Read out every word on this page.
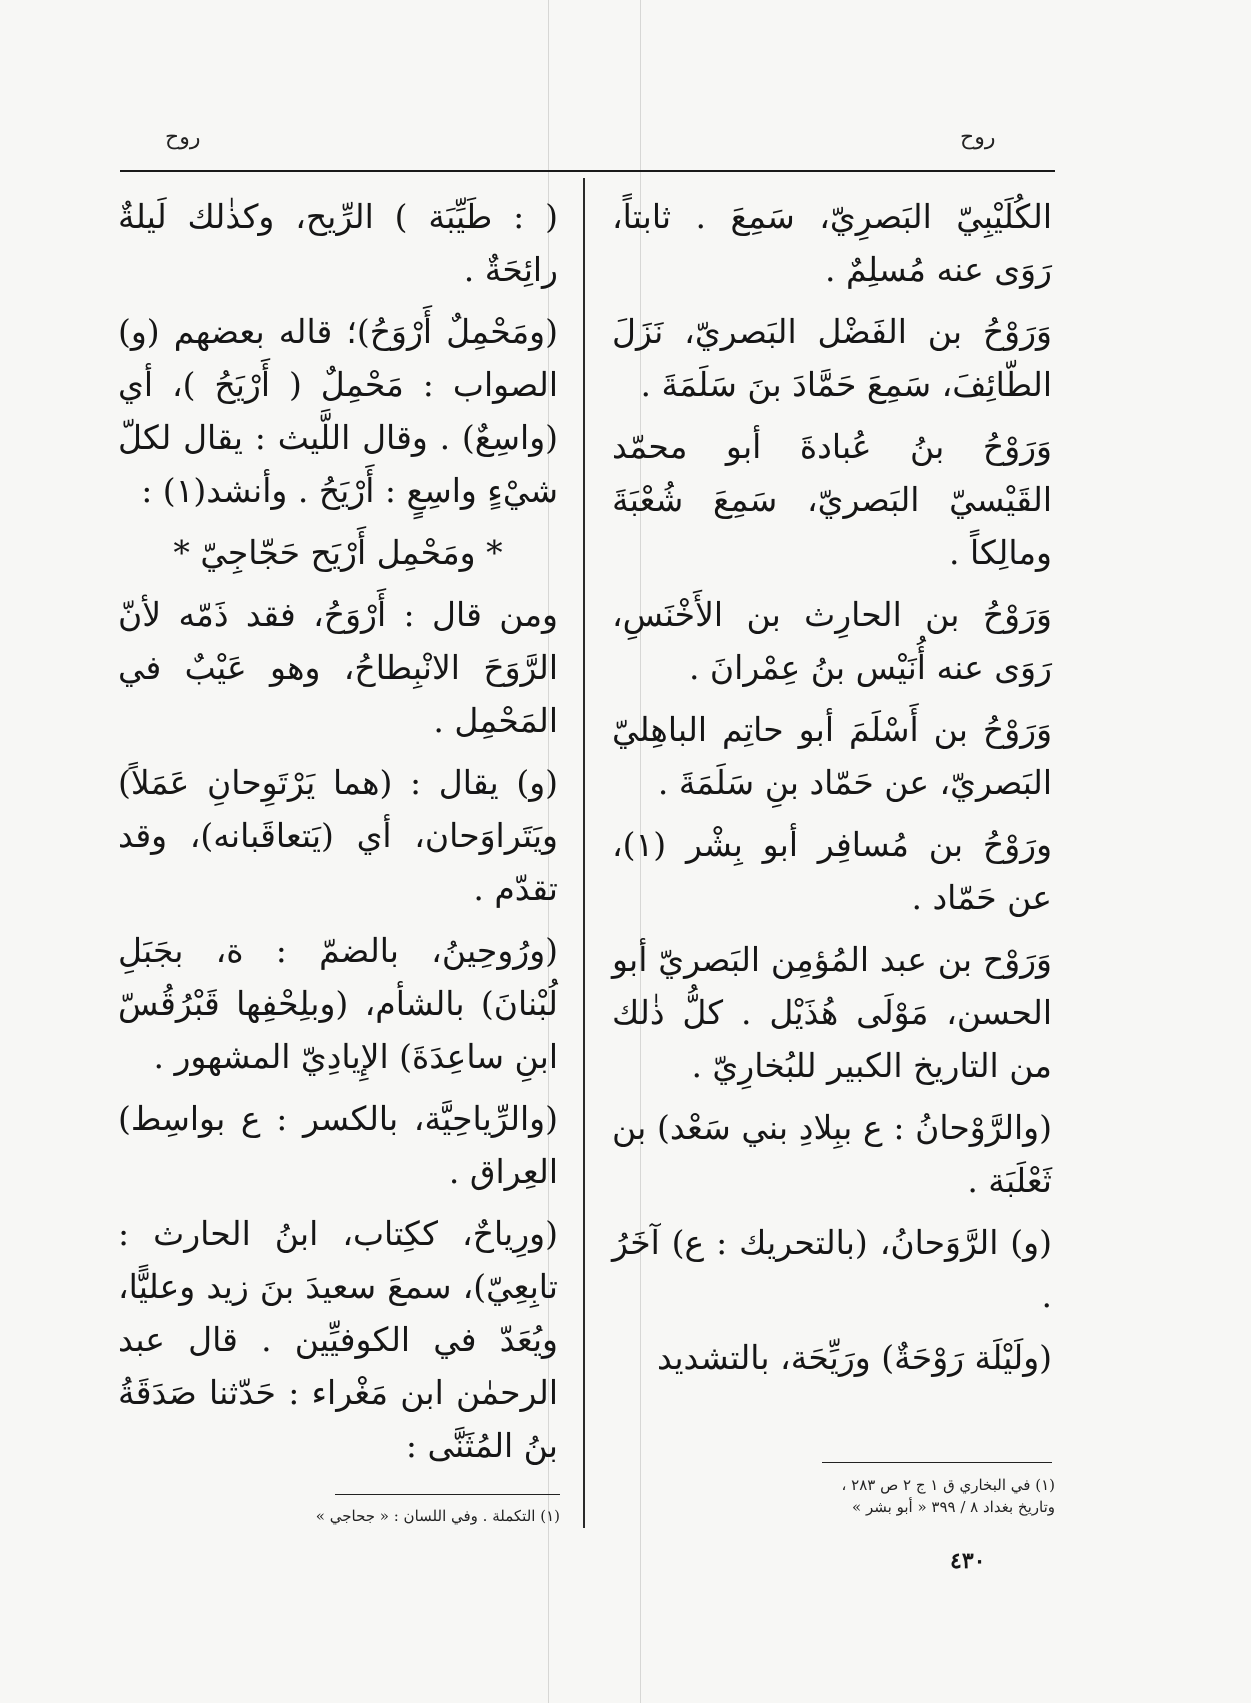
روح
روح

الكُلَيْبِيّ البَصرِيّ، سَمِعَ . ثابتاً، رَوَى عنه مُسلِمٌ .

وَرَوْحُ بن الفَضْل البَصريّ، نَزَلَ الطّائِفَ، سَمِعَ حَمَّادَ بنَ سَلَمَةَ .

وَرَوْحُ بنُ عُبادةَ أبو محمّد القَيْسيّ البَصريّ، سَمِعَ شُعْبَةَ ومالِكاً .

وَرَوْحُ بن الحارِث بن الأَخْنَسِ، رَوَى عنه أُنَيْس بنُ عِمْرانَ .

وَرَوْحُ بن أَسْلَمَ أبو حاتِم الباهِليّ البَصريّ، عن حَمّاد بنِ سَلَمَةَ .

ورَوْحُ بن مُسافِر أبو بِشْر (١)، عن حَمّاد .

وَرَوْح بن عبد المُؤمِن البَصريّ أبو الحسن، مَوْلَى هُذَيْل . كلُّ ذٰلك من التاريخ الكبير للبُخارِيّ .

(والرَّوْحانُ : ع ببِلادِ بني سَعْد) بن ثَعْلَبَة .

(و) الرَّوَحانُ، (بالتحريك : ع) آخَرُ .

(ولَيْلَة رَوْحَةٌ) ورَيِّحَة، بالتشديد

( : طَيِّبَة ) الرِّيح، وكذٰلك لَيلةٌ رائِحَةٌ .

(ومَحْمِلٌ أَرْوَحُ)؛ قاله بعضهم (و) الصواب : مَحْمِلٌ ( أَرْيَحُ )، أي (واسِعٌ) . وقال اللَّيث : يقال لكلّ شيْءٍ واسِعٍ : أَرْيَحُ . وأنشد(١) :

* ومَحْمِل أَرْيَح حَجّاجِيّ *

ومن قال : أَرْوَحُ، فقد ذَمّه لأنّ الرَّوَحَ الانْبِطاحُ، وهو عَيْبٌ في المَحْمِل .

(و) يقال : (هما يَرْتَوِحانِ عَمَلاً) ويَتَراوَحان، أي (يَتعاقَبانه)، وقد تقدّم .

(ورُوحِينُ، بالضمّ : ة، بجَبَلِ لُبْنانَ) بالشأم، (وبلِحْفِها قَبْرُقُسّ ابنِ ساعِدَةَ) الإِيادِيّ المشهور .

(والرِّياحِيَّة، بالكسر : ع بواسِط) العِراق .

(ورِياحٌ، ككِتاب، ابنُ الحارث : تابِعِيّ)، سمعَ سعيدَ بنَ زيد وعليًّا، ويُعَدّ في الكوفيِّين . قال عبد الرحمٰن ابن مَغْراء : حَدّثنا صَدَقَةُ بنُ المُثَنَّى :

(١) في البخاري ق ١ ج ٢ ص ٢٨٣ ، وتاريخ بغداد ٨ / ٣٩٩ « أبو بشر »
(١) التكملة . وفي اللسان : « جحاجي »
٤٣٠
